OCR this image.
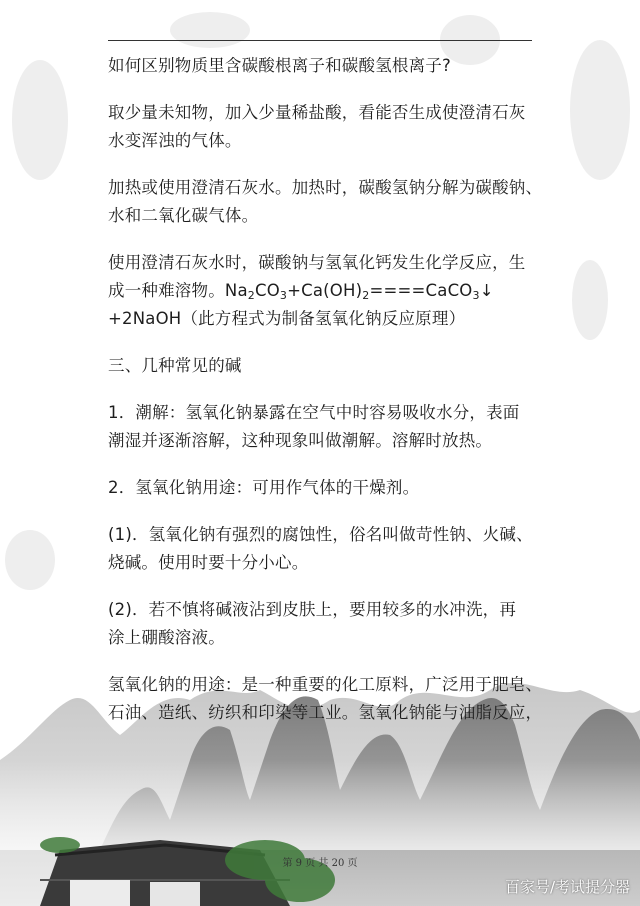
如何区别物质里含碳酸根离子和碳酸氢根离子?

取少量未知物，加入少量稀盐酸，看能否生成使澄清石灰
水变浑浊的气体。

加热或使用澄清石灰水。加热时，碳酸氢钠分解为碳酸钠、
水和二氧化碳气体。

使用澄清石灰水时，碳酸钠与氢氧化钙发生化学反应，生
成一种难溶物。$Na_2CO_3+Ca(OH)_2====CaCO_3↓$
+2NaOH（此方程式为制备氢氧化钠反应原理）

三、几种常见的碱

1．潮解：氢氧化钠暴露在空气中时容易吸收水分，表面
潮湿并逐渐溶解，这种现象叫做潮解。溶解时放热。

2．氢氧化钠用途：可用作气体的干燥剂。

(1)．氢氧化钠有强烈的腐蚀性，俗名叫做苛性钠、火碱、
烧碱。使用时要十分小心。

(2)．若不慎将碱液沾到皮肤上，要用较多的水冲洗，再
涂上硼酸溶液。

氢氧化钠的用途：是一种重要的化工原料，广泛用于肥皂、
石油、造纸、纺织和印染等工业。氢氧化钠能与油脂反应，

第 9 页 共 20 页
百家号/考试提分器
